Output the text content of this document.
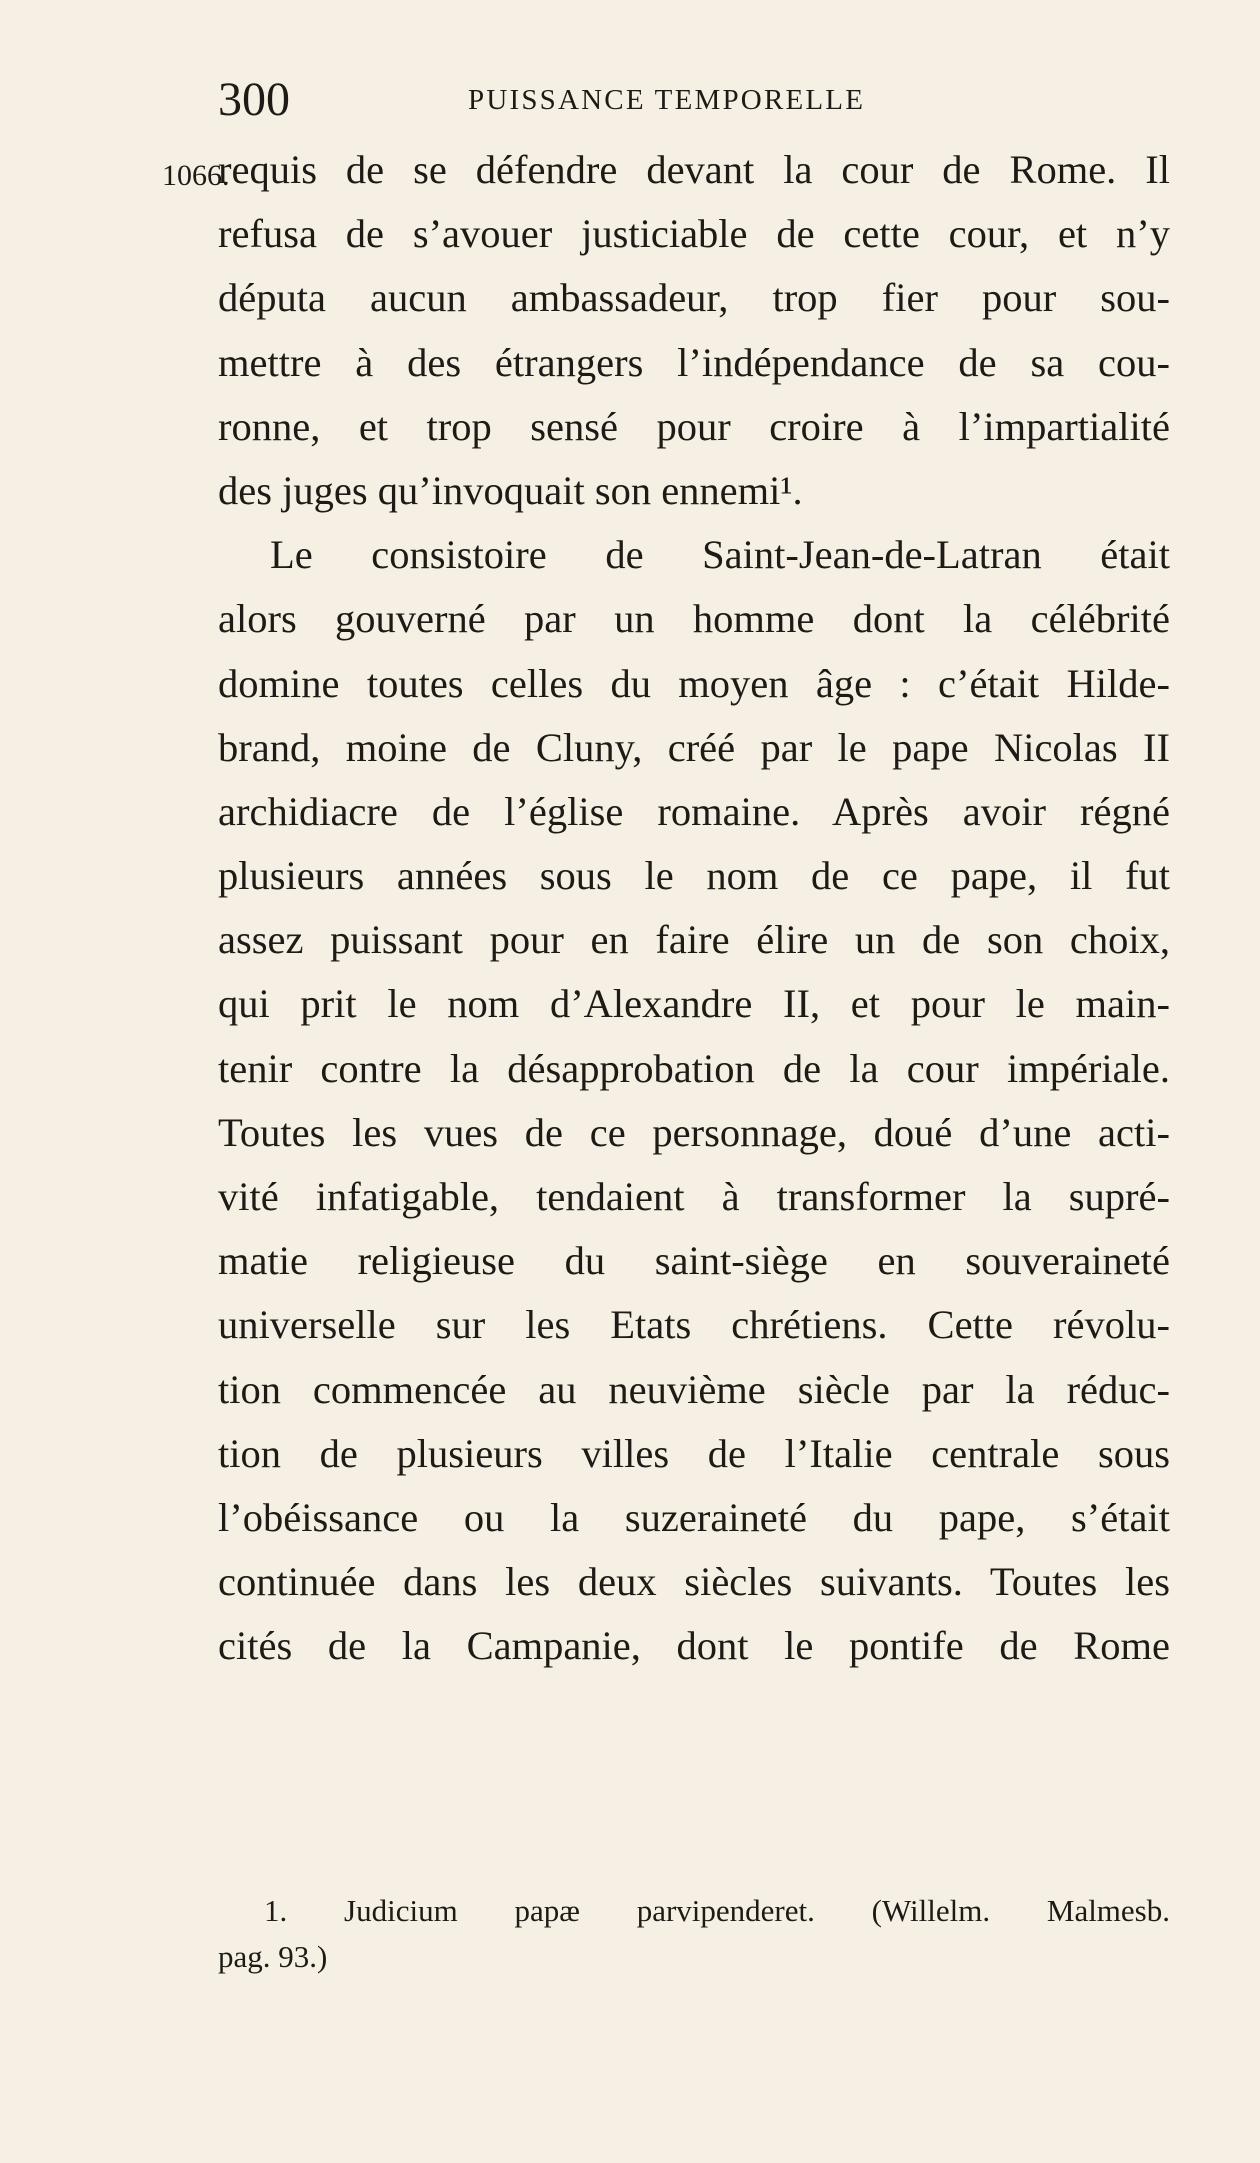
300	PUISSANCE TEMPORELLE
1066.
requis de se défendre devant la cour de Rome. Il
refusa de s’avouer justiciable de cette cour, et n’y
députa aucun ambassadeur, trop fier pour sou-
mettre à des étrangers l’indépendance de sa cou-
ronne, et trop sensé pour croire à l’impartialité
des juges qu’invoquait son ennemi¹.
Le consistoire de Saint-Jean-de-Latran était
alors gouverné par un homme dont la célébrité
domine toutes celles du moyen âge : c’était Hilde-
brand, moine de Cluny, créé par le pape Nicolas II
archidiacre de l’église romaine. Après avoir régné
plusieurs années sous le nom de ce pape, il fut
assez puissant pour en faire élire un de son choix,
qui prit le nom d’Alexandre II, et pour le main-
tenir contre la désapprobation de la cour impériale.
Toutes les vues de ce personnage, doué d’une acti-
vité infatigable, tendaient à transformer la supré-
matie religieuse du saint-siège en souveraineté
universelle sur les Etats chrétiens. Cette révolu-
tion commencée au neuvième siècle par la réduc-
tion de plusieurs villes de l’Italie centrale sous
l’obéissance ou la suzeraineté du pape, s’était
continuée dans les deux siècles suivants. Toutes les
cités de la Campanie, dont le pontife de Rome
1. Judicium papæ parvipenderet. (Willelm. Malmesb.
pag. 93.)
